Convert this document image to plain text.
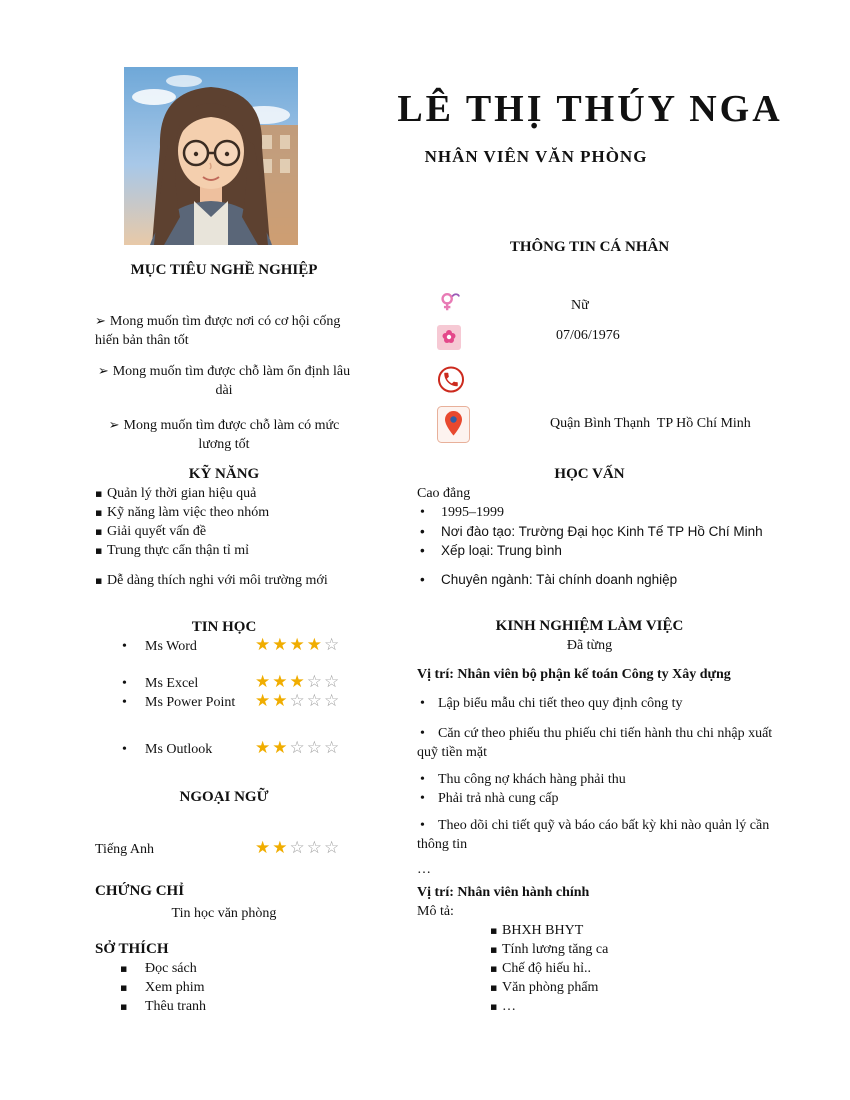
LÊ THỊ THÚY NGA
NHÂN VIÊN VĂN PHÒNG
MỤC TIÊU NGHỀ NGHIỆP
➢ Mong muốn tìm được nơi có cơ hội cống hiến bản thân tốt
➢ Mong muốn tìm được chỗ làm ổn định lâu dài
➢ Mong muốn tìm được chỗ làm có mức lương tốt
KỸ NĂNG
▪ Quản lý thời gian hiệu quả
▪ Kỹ năng làm việc theo nhóm
▪ Giải quyết vấn đề
▪ Trung thực cẩn thận tỉ mỉ
▪ Dễ dàng thích nghi với môi trường mới
TIN HỌC
• Ms Word	★★★★☆
• Ms Excel	★★★☆☆
• Ms Power Point ★★☆☆☆
• Ms Outlook	★★☆☆☆
NGOẠI NGỮ
Tiếng Anh	★★☆☆☆
CHỨNG CHỈ
Tin học văn phòng
SỞ THÍCH
▪ Đọc sách
▪ Xem phim
▪ Thêu tranh
THÔNG TIN CÁ NHÂN
Nữ
07/06/1976
Quận Bình Thạnh  TP Hồ Chí Minh
HỌC VẤN
Cao đẳng
• 1995–1999
• Nơi đào tạo: Trường Đại học Kinh Tế TP Hồ Chí Minh
• Xếp loại: Trung bình
• Chuyên ngành: Tài chính doanh nghiệp
KINH NGHIỆM LÀM VIỆC
Đã từng
Vị trí: Nhân viên bộ phận kế toán Công ty Xây dựng
• Lập biểu mẫu chi tiết theo quy định công ty
• Căn cứ theo phiếu thu phiếu chi tiến hành thu chi nhập xuất quỹ tiền mặt
• Thu công nợ khách hàng phải thu
• Phải trả nhà cung cấp
• Theo dõi chi tiết quỹ và báo cáo bất kỳ khi nào quản lý cần thông tin
…
Vị trí: Nhân viên hành chính
Mô tả:
▪ BHXH BHYT
▪ Tính lương tăng ca
▪ Chế độ hiếu hỉ..
▪ Văn phòng phẩm
▪ …
